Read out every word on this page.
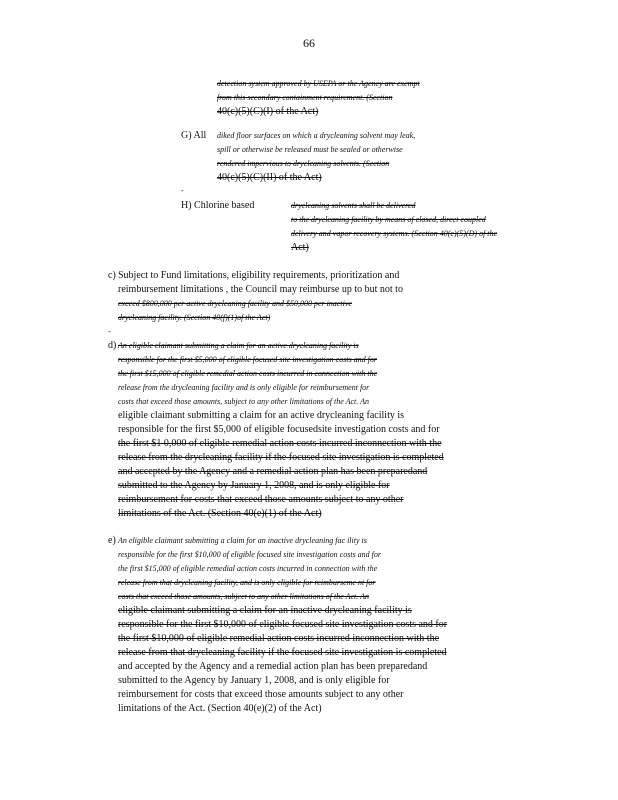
66
detection system approved by USEPA or the Agency are exempt
from this secondary containment requirement. (Section
40(c)(5)(C)(I) of the Act)
G) All diked floor surfaces on which a drycleaning solvent may leak,
spill or otherwise be released must be sealed or otherwise
rendered impervious to drycleaning solvents. (Section
40(c)(5)(C)(II) of the Act)
-
H) Chlorine based	drycleaning solvents shall be delivered
to the drycleaning facility by means of closed, direct coupled
delivery and vapor recovery systems. (Section 40(c)(5)(D) of the
Act)
c) Subject to Fund limitations, eligibility requirements, prioritization and
reimbursement limitations , the Council may reimburse up to but not to
exceed $800,000 per active drycleaning facility and $50,000 per inactive
drycleaning facility. (Section 40(f)(1)of the Act)
-
d) An eligible claimant submitting a claim for an active drycleaning facility is
responsible for the first $5,000 of eligible focused site investigation costs and for
the first $15,000 of eligible remedial action costs incurred in connection with the
release from the drycleaning facility and is only eligible for reimbursement for
costs that exceed those amounts, subject to any other limitations of the Act. An
eligible claimant submitting a claim for an active drycleaning facility is
responsible for the first $5,000 of eligible focusedsite investigation costs and for
the first $1 0,000 of eligible remedial action costs incurred inconnection with the
release from the drycleaning facility if the focused site investigation is completed
and accepted by the Agency and a remedial action plan has been preparedand
submitted to the Agency by January 1, 2008, and is only eligible for
reimbursement for costs that exceed those amounts subject to any other
limitations of the Act. (Section 40(e)(1) of the Act)
e) An eligible claimant submitting a claim for an inactive drycleaning fac ility is
responsible for the first $10,000 of eligible focused site investigation costs and for
the first $15,000 of eligible remedial action costs incurred in connection with the
release from that drycleaning facility, and is only eligible for reimburseme nt for
costs that exceed those amounts, subject to any other limitations of the Act. An
eligible claimant submitting a claim for an inactive drycleaning facility is
responsible for the first $10,000 of eligible focused site investigation costs and for
the first $10,000 of eligible remedial action costs incurred inconnection with the
release from that drycleaning facility if the focused site investigation is completed
and accepted by the Agency and a remedial action plan has been preparedand
submitted to the Agency by January 1, 2008, and is only eligible for
reimbursement for costs that exceed those amounts subject to any other
limitations of the Act. (Section 40(e)(2) of the Act)
